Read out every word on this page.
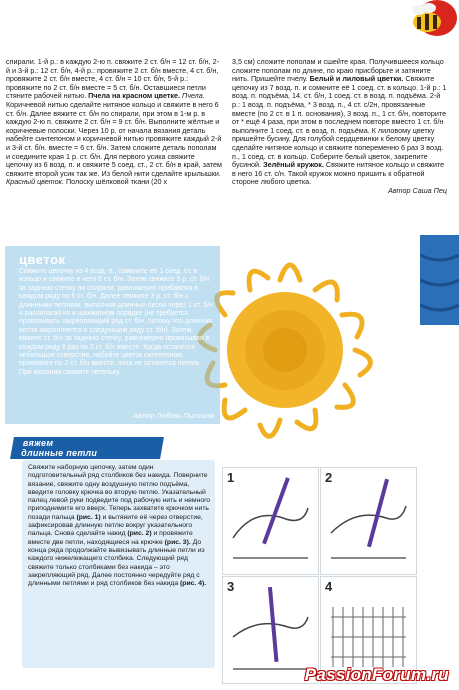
спирали. 1-й р.: в каждую 2-ю п. свяжите 2 ст. б/н = 12 ст. б/н, 2-й и 3-й р.: 12 ст. б/н, 4-й р.: провяжите 2 ст. б/н вместе, 4 ст. б/н, провяжите 2 ст. б/н вместе, 4 ст. б/н = 10 ст. б/н, 5-й р.: провяжите по 2 ст. б/н вместе = 5 ст. б/н. Оставшиеся петли стяните рабочей нитью. Пчела на красном цветке. Пчела. Коричневой нитью сделайте нитяное кольцо и свяжите в него 6 ст. б/н. Далее вяжите ст. б/н по спирали, при этом в 1-м р. в каждую 2-ю п. свяжите 2 ст. б/н = 9 ст. б/н. Выполните жёлтые и коричневые полоски. Через 10 р. от начала вязания деталь набейте синтепоном и коричневой нитью провяжите каждый 2-й и 3-й ст. б/н. вместе = 6 ст. б/н. Затем сложите деталь пополам и соедините края 1 р. ст. б/н. Для первого усика свяжите цепочку из 6 возд. п. и свяжите 5 соед. ст., 2 ст. б/н в край, затем свяжите второй усик так же. Из белой нити сделайте крылышки. Красный цветок. Полоску шёлковой ткани (20 х

3,5 см) сложите пополам и сшейте края. Получившееся кольцо сложите пополам по длине, по краю присборьте и затяните нить. Пришейте пчелу. Белый и лиловый цветки. Свяжите цепочку из 7 возд. п. и сомкните её 1 соед. ст. в кольцо. 1-й р.: 1 возд. п. подъёма, 14. ст. б/н, 1 соед. ст. в возд. п. подъёма. 2-й р.: 1 возд. п. подъёма, * 3 возд. п., 4 ст. с/2н, провязанные вместе (по 2 ст. в 1 п. основания), 3 возд. п., 1 ст. б/н, повторите от * ещё 4 раза, при этом в последнем повторе вместо 1 ст. б/н выполните 1 соед. ст. в возд. п. подъёма. К лиловому цветку пришейте бусину. Для голубой сердцевинки к белому цветку сделайте нитяное кольцо и свяжите попеременно 6 раз 3 возд. п., 1 соед. ст. в кольцо. Соберите белый цветок, закрепите бусиной. Зелёный кружок. Свяжите нитяное кольцо и свяжите в него 16 ст. с/н. Такой кружок можно пришить к обратной стороне любого цветка.

Автор Саша Пец

цветок
Свяжите цепочку из 4 возд. п., сомкните её 1 соед. ст. в кольцо и свяжите в него 6 ст. б/н. Затем свяжите 5 р. ст. б/н за заднюю стенку по спирали, равномерно прибавляя в каждом ряду по 6 ст. б/н. Далее свяжите 3 р. ст. б/н с длинными петлями, выполняя длинные петли через 1 ст. б/н и располагая их в шахматном порядке (не требуется провязывать закрепляющий ряд ст. б/н, потому что длинная петля закрепляется в следующем ряду ст. б/н). Затем вяжите ст. б/н за заднюю стенку, равномерно провязывая в каждом ряду 6 раз по 2 ст. б/н вместе. Когда останется небольшое отверстие, набейте цветок синтепоном, провяжите по 2 ст. б/н вместе, пока не останется петель. При желании свяжите петельку.
Автор Любовь Пыстина
вяжем
длинные петли
Свяжите наборную цепочку, затем один подготовительный ряд столбиков без накида. Поверните вязание, свяжите одну воздушную петлю подъёма, введите головку крючка во вторую петлю. Указательный палец левой руки подведите под рабочую нить и немного приподнимите его вверх. Теперь захватите крючком нить позади пальца (рис. 1) и вытяните её через отверстие, зафиксировав длинную петлю вокруг указательного пальца. Снова сделайте накид (рис. 2) и провяжите вместе две петли, находящиеся на крючке (рис. 3). До конца ряда продолжайте вывязывать длинные петли из каждого нижележащего столбика. Следующий ряд свяжите только столбиками без накида – это закрепляющий ряд. Далее постоянно чередуйте ряд с длинными петлями и ряд столбиков без накида (рис. 4).
1	2
3	4
PassionForum.ru
